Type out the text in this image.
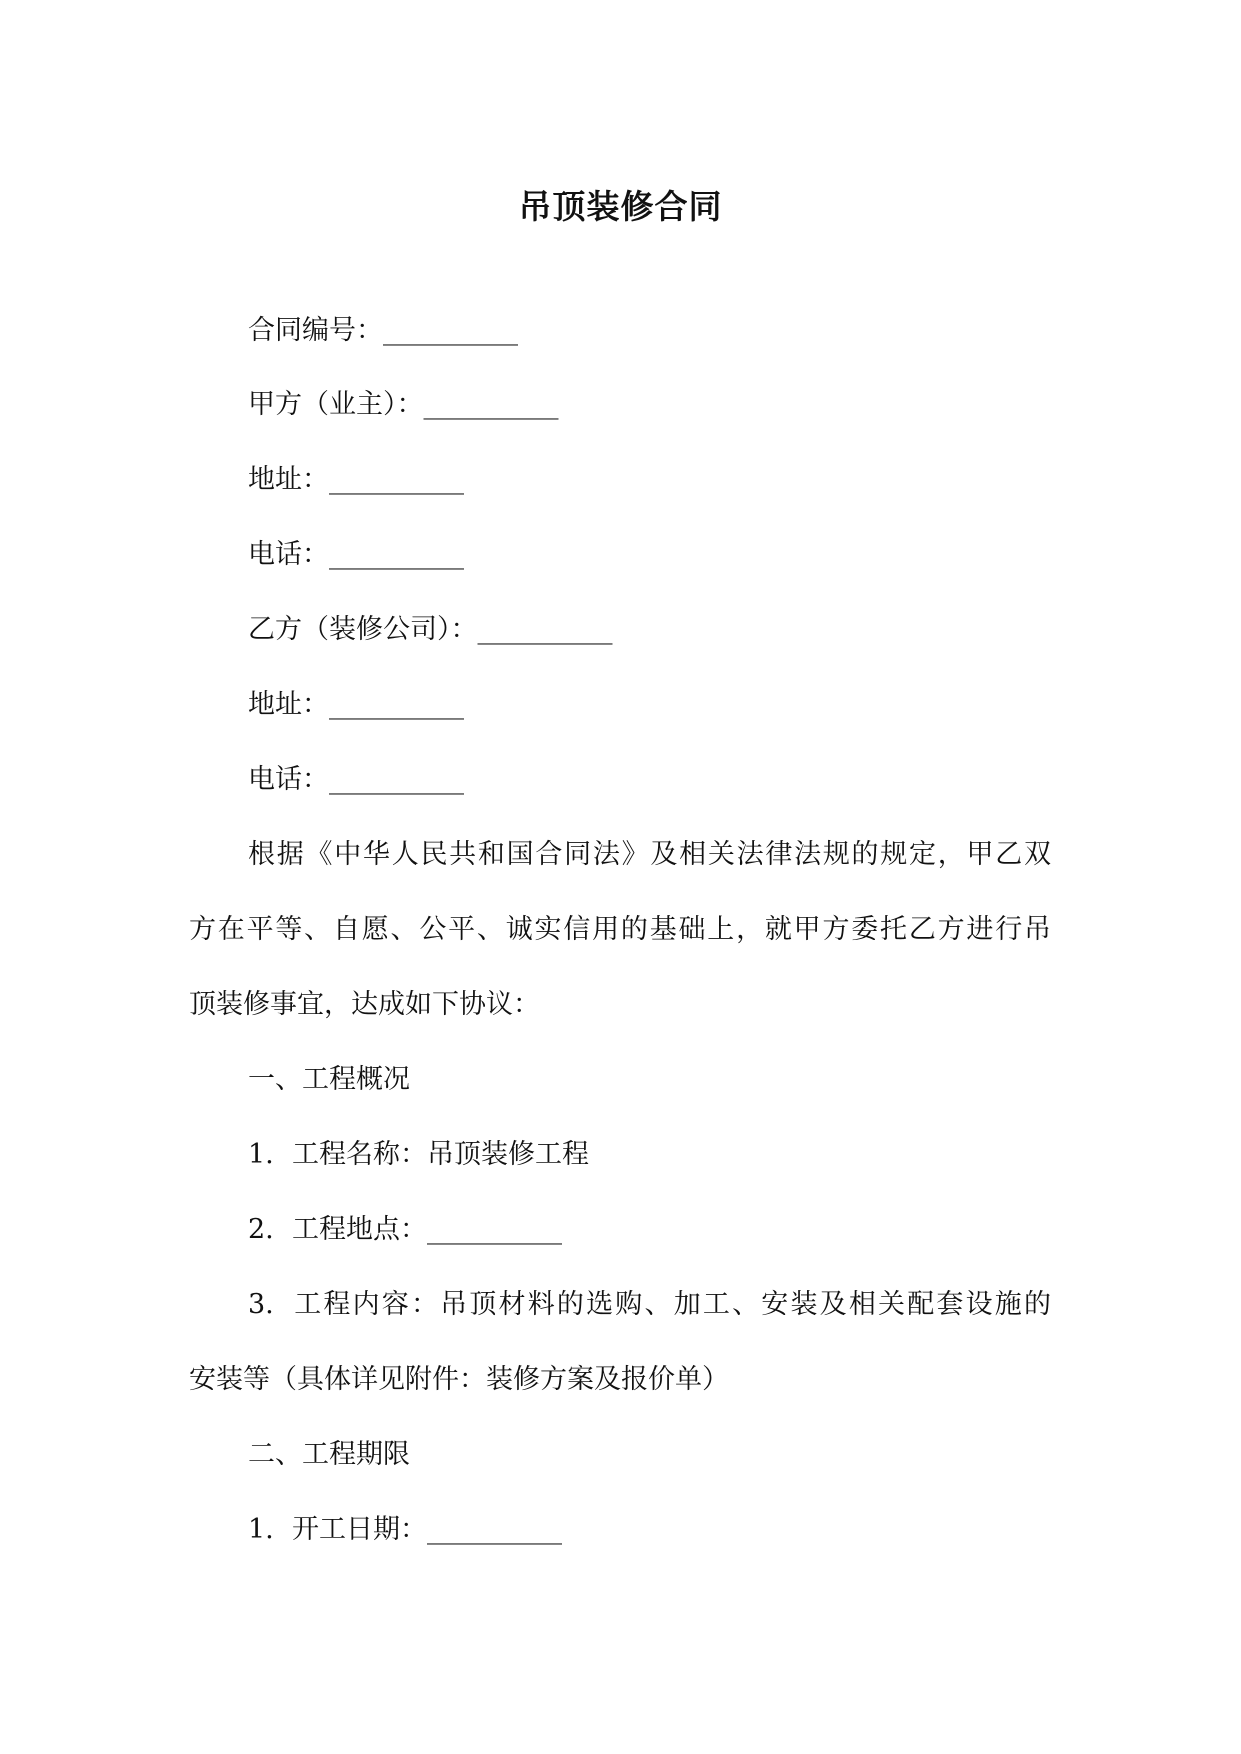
吊顶装修合同
合同编号：__________
甲方（业主）：__________
地址：__________
电话：__________
乙方（装修公司）：__________
地址：__________
电话：__________
根据《中华人民共和国合同法》及相关法律法规的规定，甲乙双
方在平等、自愿、公平、诚实信用的基础上，就甲方委托乙方进行吊
顶装修事宜，达成如下协议：
一、工程概况
1. 工程名称：吊顶装修工程
2. 工程地点：__________
3. 工程内容：吊顶材料的选购、加工、安装及相关配套设施的
安装等（具体详见附件：装修方案及报价单）
二、工程期限
1. 开工日期：__________
